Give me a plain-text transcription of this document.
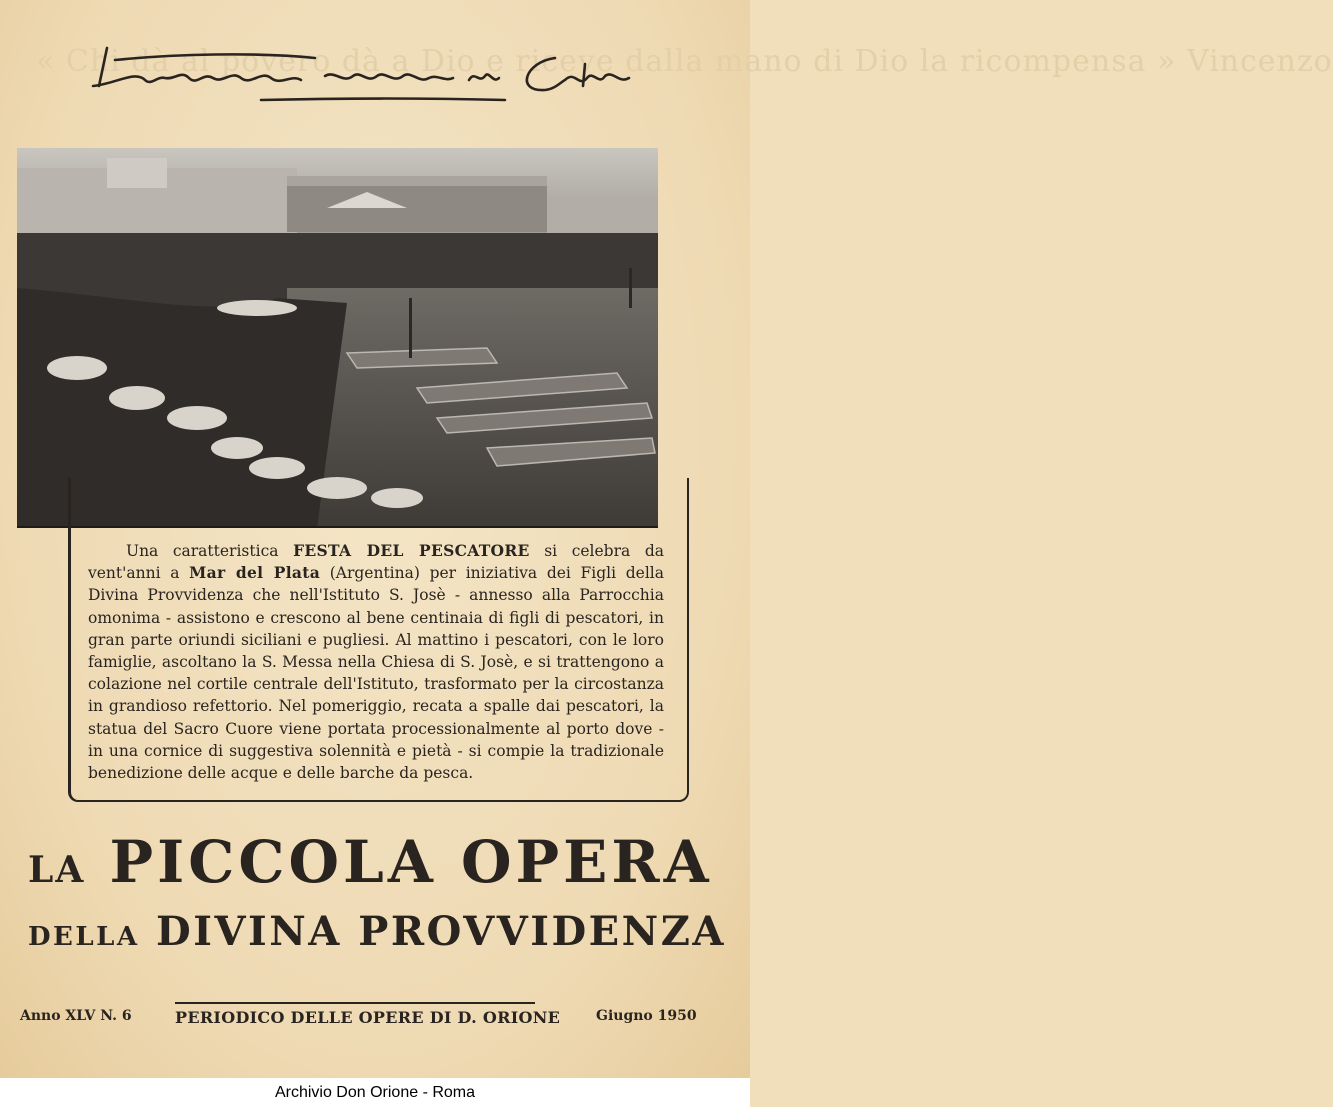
« Chi dà al povero dà a Dio e riceve dalla mano di Dio la ricompensa » Vincenzo

Una caratteristica FESTA DEL PESCATORE si celebra da vent'anni a Mar del Plata (Argentina) per iniziativa dei Figli della Divina Provvidenza che nell'Istituto S. Josè - annesso alla Parrocchia omonima - assistono e crescono al bene centinaia di figli di pescatori, in gran parte oriundi siciliani e pugliesi. Al mattino i pescatori, con le loro famiglie, ascoltano la S. Messa nella Chiesa di S. Josè, e si trattengono a colazione nel cortile centrale dell'Istituto, trasformato per la circostanza in grandioso refettorio. Nel pomeriggio, recata a spalle dai pescatori, la statua del Sacro Cuore viene portata processionalmente al porto dove - in una cornice di suggestiva solennità e pietà - si compie la tradizionale benedizione delle acque e delle barche da pesca.

LA PICCOLA OPERA
DELLA DIVINA PROVVIDENZA
Anno XLV N. 6	PERIODICO DELLE OPERE DI D. ORIONE	Giugno 1950
Archivio Don Orione - Roma
